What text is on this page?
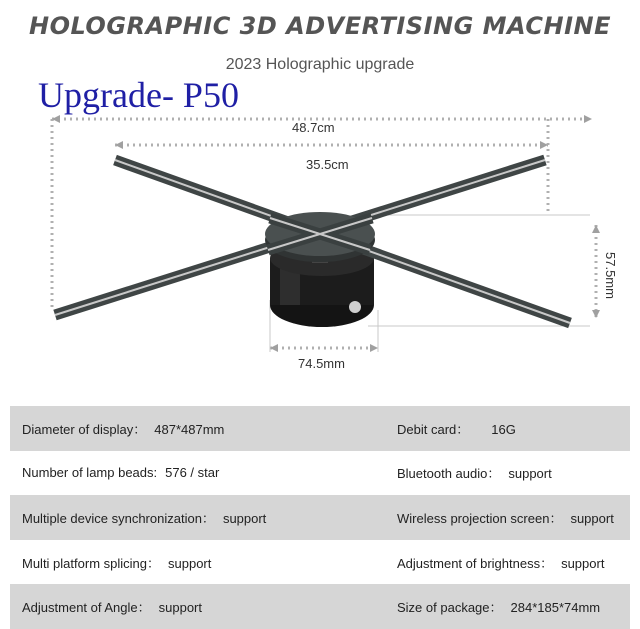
HOLOGRAPHIC 3D ADVERTISING MACHINE
2023 Holographic upgrade
Upgrade- P50
48.7cm
35.5cm
74.5mm
57.5mm
Diameter of display： 487*487mm	Debit card： 16G
Number of lamp beads: 576 / star	Bluetooth audio： support
Multiple device synchronization： support	Wireless projection screen： support
Multi platform splicing： support	Adjustment of brightness： support
Adjustment of Angle： support	Size of package： 284*185*74mm
